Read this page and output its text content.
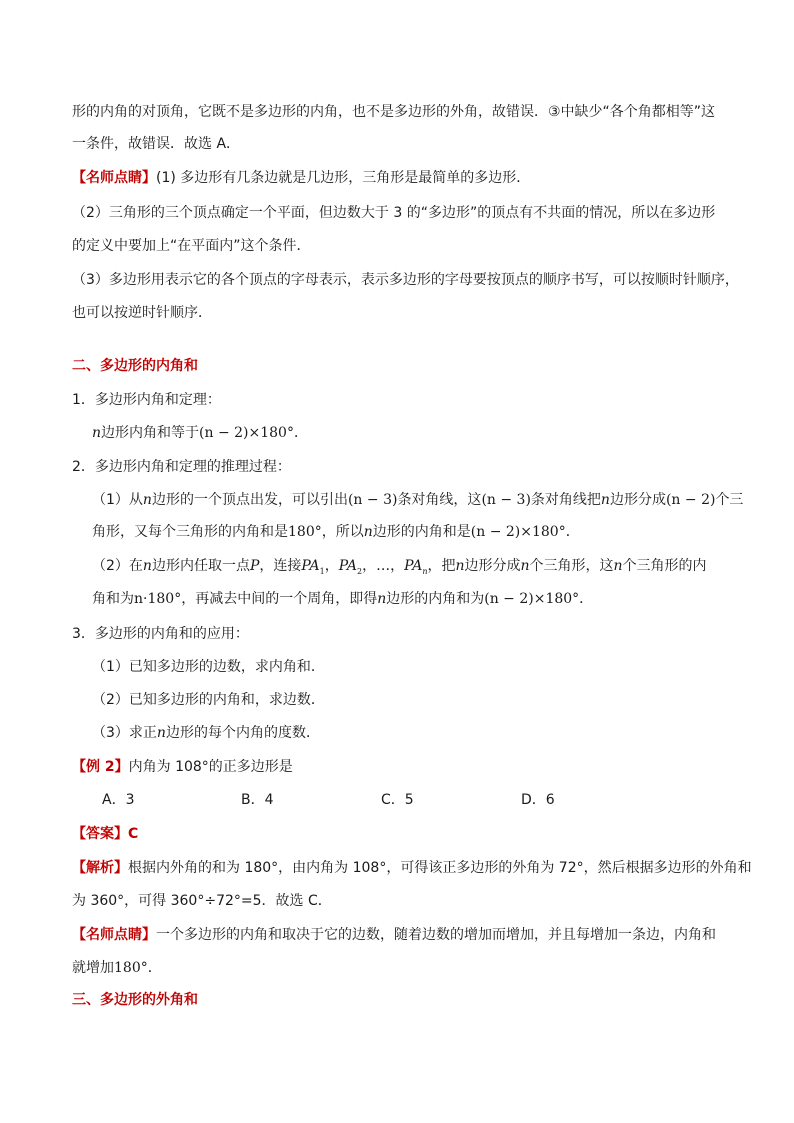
形的内角的对顶角，它既不是多边形的内角，也不是多边形的外角，故错误．③中缺少“各个角都相等”这
一条件，故错误．故选 A．
【名师点睛】(1) 多边形有几条边就是几边形，三角形是最简单的多边形．
（2）三角形的三个顶点确定一个平面，但边数大于 3 的“多边形”的顶点有不共面的情况，所以在多边形
的定义中要加上“在平面内”这个条件．
（3）多边形用表示它的各个顶点的字母表示，表示多边形的字母要按顶点的顺序书写，可以按顺时针顺序，
也可以按逆时针顺序．
二、多边形的内角和
1．多边形内角和定理：
n边形内角和等于(n − 2)×180°．
2．多边形内角和定理的推理过程：
（1）从n边形的一个顶点出发，可以引出(n − 3)条对角线，这(n − 3)条对角线把n边形分成(n − 2)个三
角形，又每个三角形的内角和是180°，所以n边形的内角和是(n − 2)×180°．
（2）在n边形内任取一点P，连接$PA_1$，$PA_2$，…，$PA_n$，把n边形分成n个三角形，这n个三角形的内
角和为n·180°，再减去中间的一个周角，即得n边形的内角和为(n − 2)×180°．
3．多边形的内角和的应用：
（1）已知多边形的边数，求内角和．
（2）已知多边形的内角和，求边数．
（3）求正n边形的每个内角的度数．
【例 2】内角为 108°的正多边形是
A．3	B．4	C．5	D．6
【答案】C
【解析】根据内外角的和为 180°，由内角为 108°，可得该正多边形的外角为 72°，然后根据多边形的外角和
为 360°，可得 360°÷72°=5．故选 C．
【名师点睛】一个多边形的内角和取决于它的边数，随着边数的增加而增加，并且每增加一条边，内角和
就增加180°．
三、多边形的外角和
